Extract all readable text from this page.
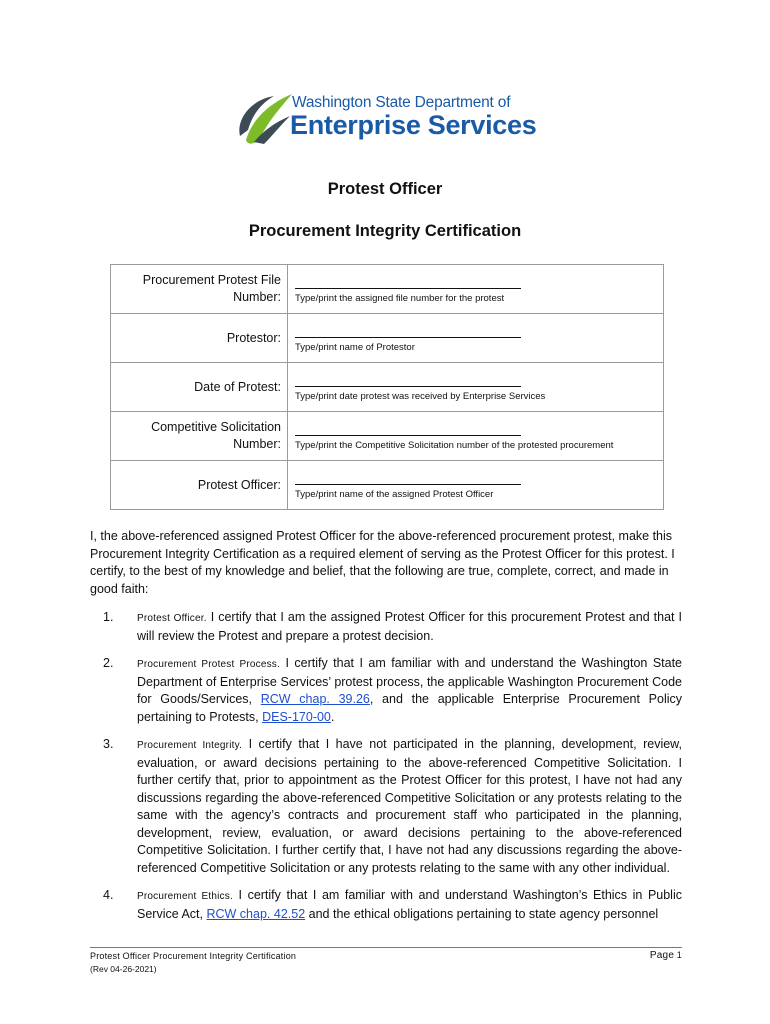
Washington State Department of
Enterprise Services
Protest Officer
Procurement Integrity Certification
Procurement Protest File Number:	Type/print the assigned file number for the protest

Protestor:	Type/print name of Protestor

Date of Protest:	Type/print date protest was received by Enterprise Services

Competitive Solicitation Number:	Type/print the Competitive Solicitation number of the protested procurement

Protest Officer:	Type/print name of the assigned Protest Officer
I, the above-referenced assigned Protest Officer for the above-referenced procurement protest, make this Procurement Integrity Certification as a required element of serving as the Protest Officer for this protest. I certify, to the best of my knowledge and belief, that the following are true, complete, correct, and made in good faith:
1. Protest Officer. I certify that I am the assigned Protest Officer for this procurement Protest and that I will review the Protest and prepare a protest decision.
2. Procurement Protest Process. I certify that I am familiar with and understand the Washington State Department of Enterprise Services’ protest process, the applicable Washington Procurement Code for Goods/Services, RCW chap. 39.26, and the applicable Enterprise Procurement Policy pertaining to Protests, DES-170-00.
3. Procurement Integrity. I certify that I have not participated in the planning, development, review, evaluation, or award decisions pertaining to the above-referenced Competitive Solicitation. I further certify that, prior to appointment as the Protest Officer for this protest, I have not had any discussions regarding the above-referenced Competitive Solicitation or any protests relating to the same with the agency’s contracts and procurement staff who participated in the planning, development, review, evaluation, or award decisions pertaining to the above-referenced Competitive Solicitation. I further certify that, I have not had any discussions regarding the above-referenced Competitive Solicitation or any protests relating to the same with any other individual.
4. Procurement Ethics. I certify that I am familiar with and understand Washington’s Ethics in Public Service Act, RCW chap. 42.52 and the ethical obligations pertaining to state agency personnel
Protest Officer Procurement Integrity Certification
(Rev 04-26-2021)
Page 1
